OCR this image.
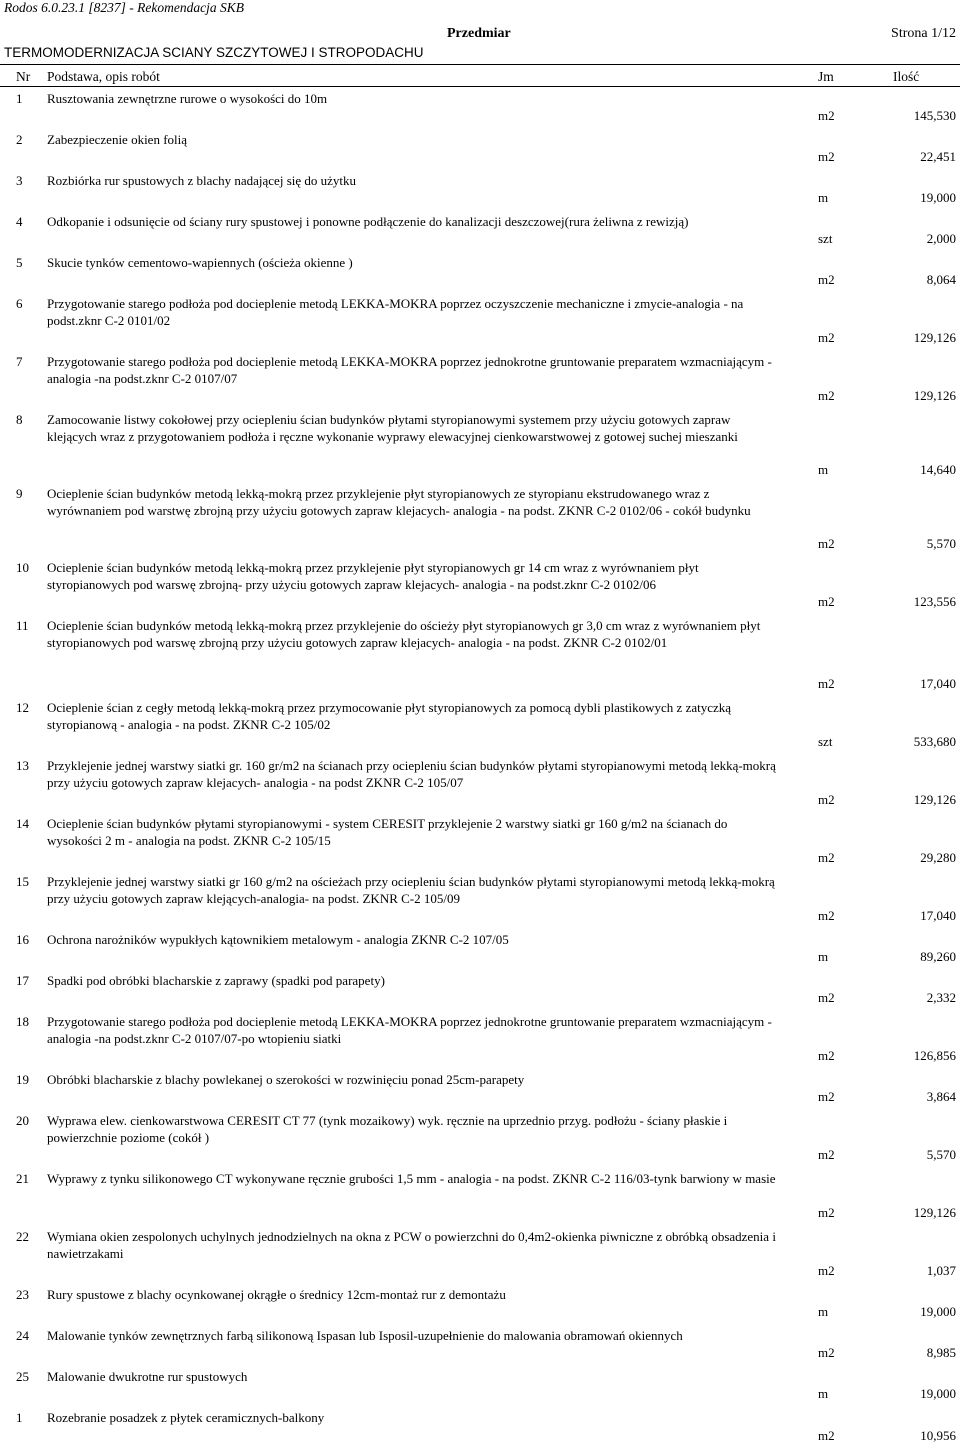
Rodos 6.0.23.1 [8237] - Rekomendacja SKB
Przedmiar	Strona 1/12
TERMOMODERNIZACJA SCIANY SZCZYTOWEJ I STROPODACHU
Nr Podstawa, opis robót	Jm	Ilość
1 Rusztowania zewnętrzne rurowe o wysokości do 10m
m2	145,530
2 Zabezpieczenie okien folią
m2	22,451
3 Rozbiórka rur spustowych z blachy nadającej się do użytku
m	19,000
4 Odkopanie i odsunięcie od ściany rury spustowej i ponowne podłączenie do kanalizacji deszczowej(rura żeliwna z rewizją)
szt	2,000
5 Skucie tynków cementowo-wapiennych (ościeża okienne )
m2	8,064
6 Przygotowanie starego podłoża pod docieplenie metodą LEKKA-MOKRA poprzez oczyszczenie mechaniczne i zmycie-analogia - na podst.zknr C-2 0101/02
m2	129,126
7 Przygotowanie starego podłoża pod docieplenie metodą LEKKA-MOKRA poprzez jednokrotne gruntowanie preparatem wzmacniającym - analogia -na podst.zknr C-2 0107/07
m2	129,126
8 Zamocowanie listwy cokołowej przy ociepleniu ścian budynków płytami styropianowymi systemem przy użyciu gotowych zapraw klejących wraz z przygotowaniem podłoża i ręczne wykonanie wyprawy elewacyjnej cienkowarstwowej z gotowej suchej mieszanki
m	14,640
9 Ocieplenie ścian budynków metodą lekką-mokrą przez przyklejenie płyt styropianowych ze styropianu ekstrudowanego wraz z wyrównaniem pod warstwę zbrojną przy użyciu gotowych zapraw klejacych- analogia - na podst. ZKNR C-2 0102/06 - cokół budynku
m2	5,570
10 Ocieplenie ścian budynków metodą lekką-mokrą przez przyklejenie płyt styropianowych gr 14 cm wraz z wyrównaniem płyt styropianowych pod warswę zbrojną- przy użyciu gotowych zapraw klejacych- analogia - na podst.zknr C-2 0102/06
m2	123,556
11 Ocieplenie ścian budynków metodą lekką-mokrą przez przyklejenie do ościeży płyt styropianowych gr 3,0 cm wraz z wyrównaniem płyt styropianowych pod warswę zbrojną przy użyciu gotowych zapraw klejacych- analogia - na podst. ZKNR C-2 0102/01
m2	17,040
12 Ocieplenie ścian z cegły metodą lekką-mokrą przez przymocowanie płyt styropianowych za pomocą dybli plastikowych z zatyczką styropianową - analogia - na podst. ZKNR C-2 105/02
szt	533,680
13 Przyklejenie jednej warstwy siatki gr. 160 gr/m2 na ścianach przy ociepleniu ścian budynków płytami styropianowymi metodą lekką-mokrą przy użyciu gotowych zapraw klejacych- analogia - na podst ZKNR C-2 105/07
m2	129,126
14 Ocieplenie ścian budynków płytami styropianowymi - system CERESIT przyklejenie 2 warstwy siatki gr 160 g/m2 na ścianach do wysokości 2 m - analogia na podst. ZKNR C-2 105/15
m2	29,280
15 Przyklejenie jednej warstwy siatki gr 160 g/m2 na ościeżach przy ociepleniu ścian budynków płytami styropianowymi metodą lekką-mokrą przy użyciu gotowych zapraw klejących-analogia- na podst. ZKNR C-2 105/09
m2	17,040
16 Ochrona narożników wypukłych kątownikiem metalowym - analogia ZKNR C-2 107/05
m	89,260
17 Spadki pod obróbki blacharskie z zaprawy (spadki pod parapety)
m2	2,332
18 Przygotowanie starego podłoża pod docieplenie metodą LEKKA-MOKRA poprzez jednokrotne gruntowanie preparatem wzmacniającym - analogia -na podst.zknr C-2 0107/07-po wtopieniu siatki
m2	126,856
19 Obróbki blacharskie z blachy powlekanej o szerokości w rozwinięciu ponad 25cm-parapety
m2	3,864
20 Wyprawa elew. cienkowarstwowa CERESIT CT 77 (tynk mozaikowy) wyk. ręcznie na uprzednio przyg. podłożu - ściany płaskie i powierzchnie poziome (cokół )
m2	5,570
21 Wyprawy z tynku silikonowego CT wykonywane ręcznie grubości 1,5 mm - analogia - na podst. ZKNR C-2 116/03-tynk barwiony w masie
m2	129,126
22 Wymiana okien zespolonych uchylnych jednodzielnych na okna z PCW o powierzchni do 0,4m2-okienka piwniczne z obróbką obsadzenia i nawietrzakami
m2	1,037
23 Rury spustowe z blachy ocynkowanej okrągłe o średnicy 12cm-montaż rur z demontażu
m	19,000
24 Malowanie tynków zewnętrznych farbą silikonową Ispasan lub Isposil-uzupełnienie do malowania obramowań okiennych
m2	8,985
25 Malowanie dwukrotne rur spustowych
m	19,000
1 Rozebranie posadzek z płytek ceramicznych-balkony
m2	10,956
